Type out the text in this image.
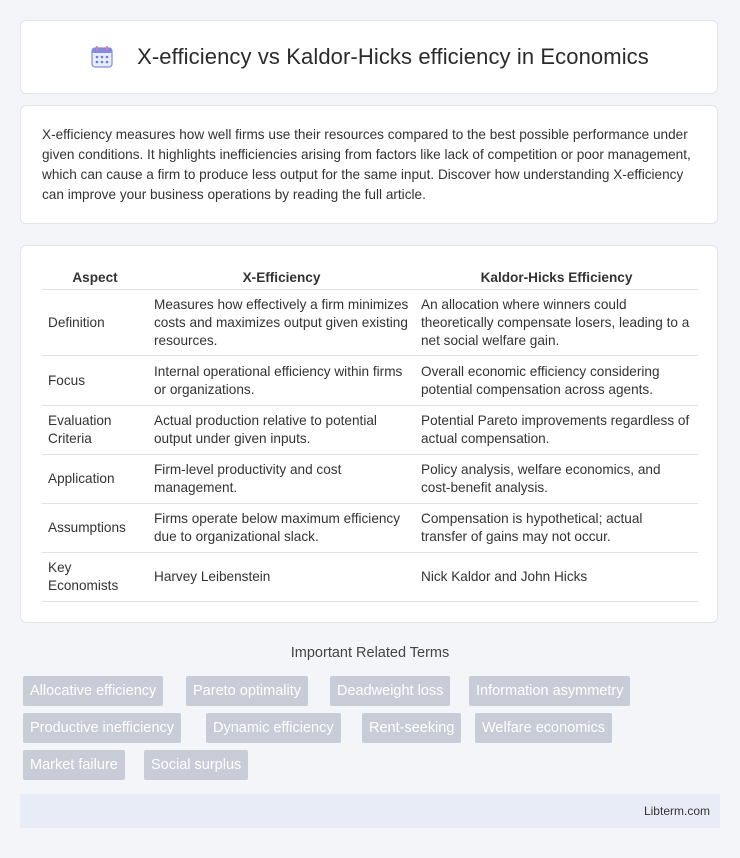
X-efficiency vs Kaldor-Hicks efficiency in Economics
X-efficiency measures how well firms use their resources compared to the best possible performance under given conditions. It highlights inefficiencies arising from factors like lack of competition or poor management, which can cause a firm to produce less output for the same input. Discover how understanding X-efficiency can improve your business operations by reading the full article.
Aspect	X-Efficiency	Kaldor-Hicks Efficiency
Definition	Measures how effectively a firm minimizes costs and maximizes output given existing resources.	An allocation where winners could theoretically compensate losers, leading to a net social welfare gain.
Focus	Internal operational efficiency within firms or organizations.	Overall economic efficiency considering potential compensation across agents.
Evaluation Criteria	Actual production relative to potential output under given inputs.	Potential Pareto improvements regardless of actual compensation.
Application	Firm-level productivity and cost management.	Policy analysis, welfare economics, and cost-benefit analysis.
Assumptions	Firms operate below maximum efficiency due to organizational slack.	Compensation is hypothetical; actual transfer of gains may not occur.
Key Economists	Harvey Leibenstein	Nick Kaldor and John Hicks
Important Related Terms
Allocative efficiency	Pareto optimality	Deadweight loss	Information asymmetry
Productive inefficiency	Dynamic efficiency	Rent-seeking	Welfare economics
Market failure	Social surplus
Libterm.com
